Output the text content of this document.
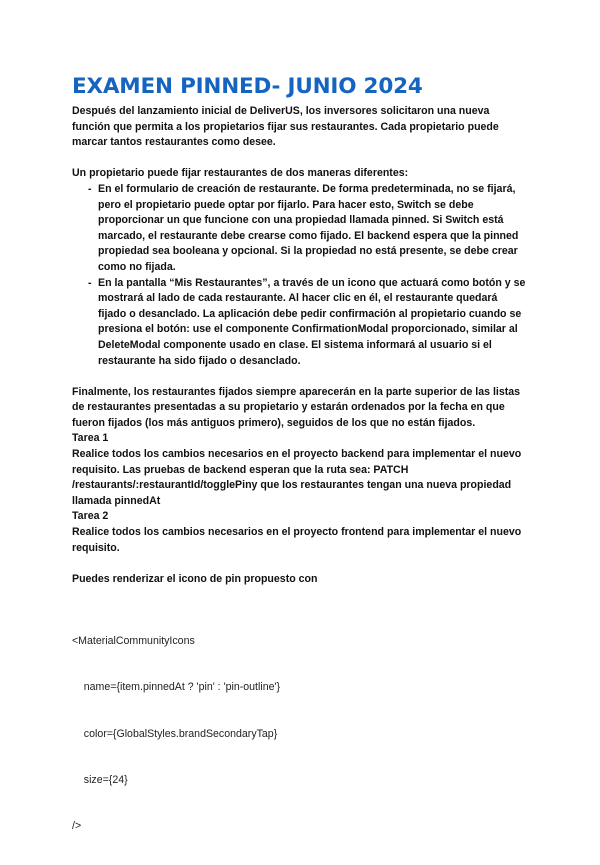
EXAMEN PINNED- JUNIO 2024

Después del lanzamiento inicial de DeliverUS, los inversores solicitaron una nueva función que permita a los propietarios fijar sus restaurantes. Cada propietario puede marcar tantos restaurantes como desee.

Un propietario puede fijar restaurantes de dos maneras diferentes:

- En el formulario de creación de restaurante. De forma predeterminada, no se fijará, pero el propietario puede optar por fijarlo. Para hacer esto, Switch se debe proporcionar un que funcione con una propiedad llamada pinned. Si Switch está marcado, el restaurante debe crearse como fijado. El backend espera que la pinned propiedad sea booleana y opcional. Si la propiedad no está presente, se debe crear como no fijada.
- En la pantalla “Mis Restaurantes”, a través de un icono que actuará como botón y se mostrará al lado de cada restaurante. Al hacer clic en él, el restaurante quedará fijado o desanclado. La aplicación debe pedir confirmación al propietario cuando se presiona el botón: use el componente ConfirmationModal proporcionado, similar al DeleteModal componente usado en clase. El sistema informará al usuario si el restaurante ha sido fijado o desanclado.

Finalmente, los restaurantes fijados siempre aparecerán en la parte superior de las listas de restaurantes presentadas a su propietario y estarán ordenados por la fecha en que fueron fijados (los más antiguos primero), seguidos de los que no están fijados.

Tarea 1

Realice todos los cambios necesarios en el proyecto backend para implementar el nuevo requisito. Las pruebas de backend esperan que la ruta sea: PATCH /restaurants/:restaurantId/togglePiny que los restaurantes tengan una nueva propiedad llamada pinnedAt

Tarea 2

Realice todos los cambios necesarios en el proyecto frontend para implementar el nuevo requisito.

Puedes renderizar el icono de pin propuesto con

<MaterialCommunityIcons

name={item.pinnedAt ? 'pin' : 'pin-outline'}

color={GlobalStyles.brandSecondaryTap}

size={24}

/>
